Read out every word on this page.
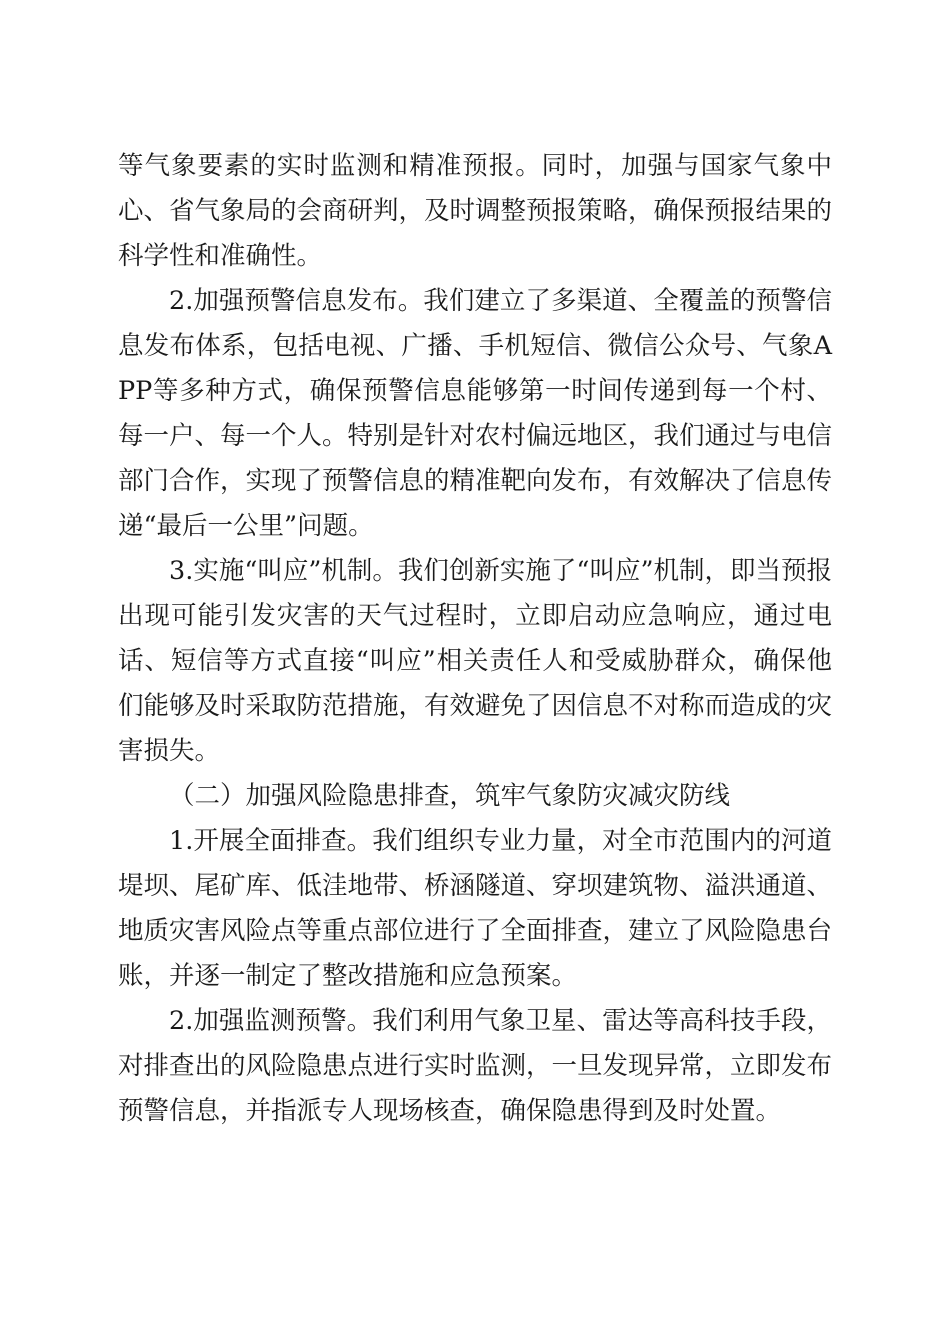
等气象要素的实时监测和精准预报。同时，加强与国家气象中心、省气象局的会商研判，及时调整预报策略，确保预报结果的科学性和准确性。

2.加强预警信息发布。我们建立了多渠道、全覆盖的预警信息发布体系，包括电视、广播、手机短信、微信公众号、气象APP等多种方式，确保预警信息能够第一时间传递到每一个村、每一户、每一个人。特别是针对农村偏远地区，我们通过与电信部门合作，实现了预警信息的精准靶向发布，有效解决了信息传递“最后一公里”问题。

3.实施“叫应”机制。我们创新实施了“叫应”机制，即当预报出现可能引发灾害的天气过程时，立即启动应急响应，通过电话、短信等方式直接“叫应”相关责任人和受威胁群众，确保他们能够及时采取防范措施，有效避免了因信息不对称而造成的灾害损失。

（二）加强风险隐患排查，筑牢气象防灾减灾防线

1.开展全面排查。我们组织专业力量，对全市范围内的河道堤坝、尾矿库、低洼地带、桥涵隧道、穿坝建筑物、溢洪通道、地质灾害风险点等重点部位进行了全面排查，建立了风险隐患台账，并逐一制定了整改措施和应急预案。

2.加强监测预警。我们利用气象卫星、雷达等高科技手段，对排查出的风险隐患点进行实时监测，一旦发现异常，立即发布预警信息，并指派专人现场核查，确保隐患得到及时处置。
